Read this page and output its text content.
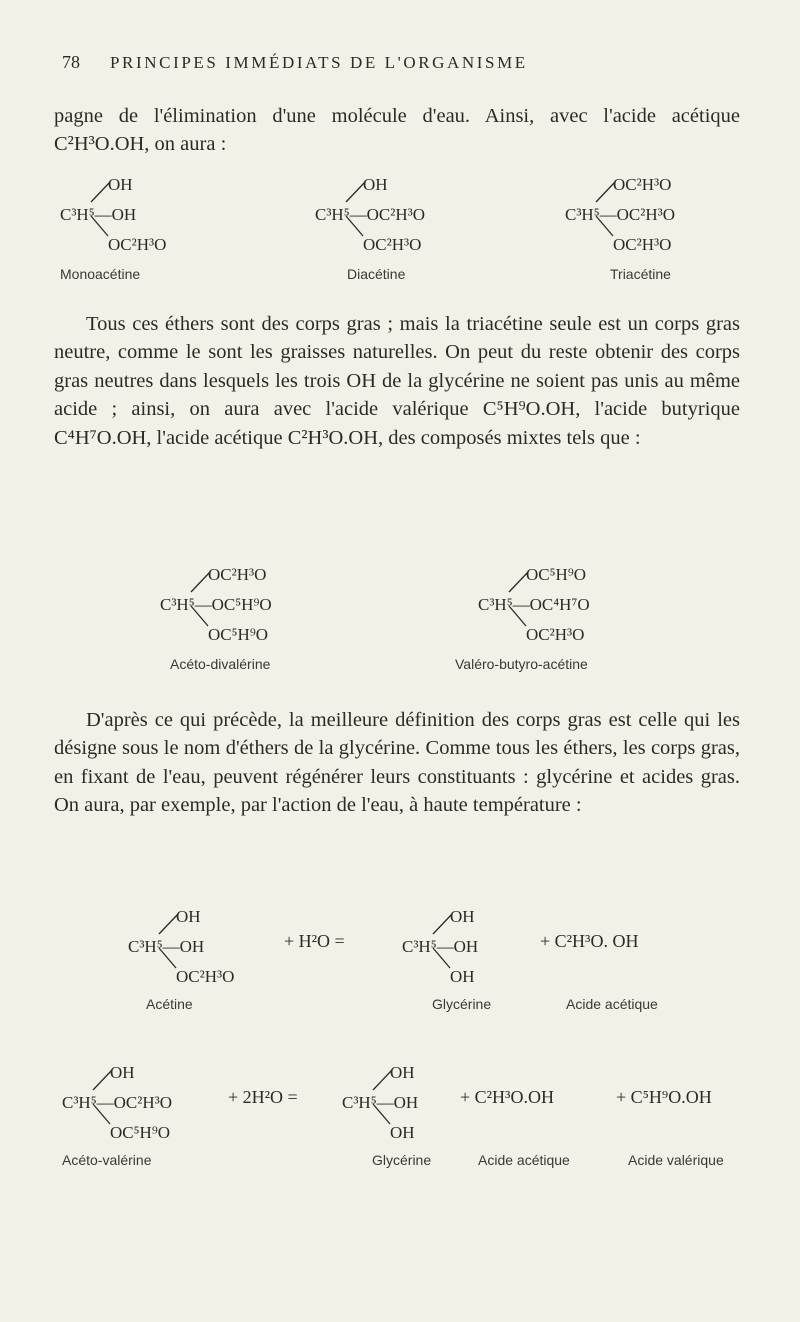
78	PRINCIPES IMMÉDIATS DE L'ORGANISME

pagne de l'élimination d'une molécule d'eau. Ainsi, avec l'acide acétique C²H³O.OH, on aura :

OH
C³H⁵—OH
OC²H³O
Monoacétine
OH
C³H⁵—OC²H³O
OC²H³O
Diacétine
OC²H³O
C³H⁵—OC²H³O
OC²H³O
Triacétine

Tous ces éthers sont des corps gras ; mais la triacétine seule est un corps gras neutre, comme le sont les graisses naturelles. On peut du reste obtenir des corps gras neutres dans lesquels les trois OH de la glycérine ne soient pas unis au même acide ; ainsi, on aura avec l'acide valérique C⁵H⁹O.OH, l'acide butyrique C⁴H⁷O.OH, l'acide acétique C²H³O.OH, des composés mixtes tels que :

OC²H³O
C³H⁵—OC⁵H⁹O
OC⁵H⁹O
Acéto-divalérine
OC⁵H⁹O
C³H⁵—OC⁴H⁷O
OC²H³O
Valéro-butyro-acétine

D'après ce qui précède, la meilleure définition des corps gras est celle qui les désigne sous le nom d'éthers de la glycérine. Comme tous les éthers, les corps gras, en fixant de l'eau, peuvent régénérer leurs constituants : glycérine et acides gras. On aura, par exemple, par l'action de l'eau, à haute température :

OH
C³H⁵—OH
OC²H³O
Acétine
+ H²O =
OH
C³H⁵—OH
OH
Glycérine
+ C²H³O. OH
Acide acétique
OH
C³H⁵—OC²H³O
OC⁵H⁹O
Acéto-valérine
+ 2H²O =
OH
C³H⁵—OH
OH
Glycérine
+ C²H³O.OH
Acide acétique
+ C⁵H⁹O.OH
Acide valérique
